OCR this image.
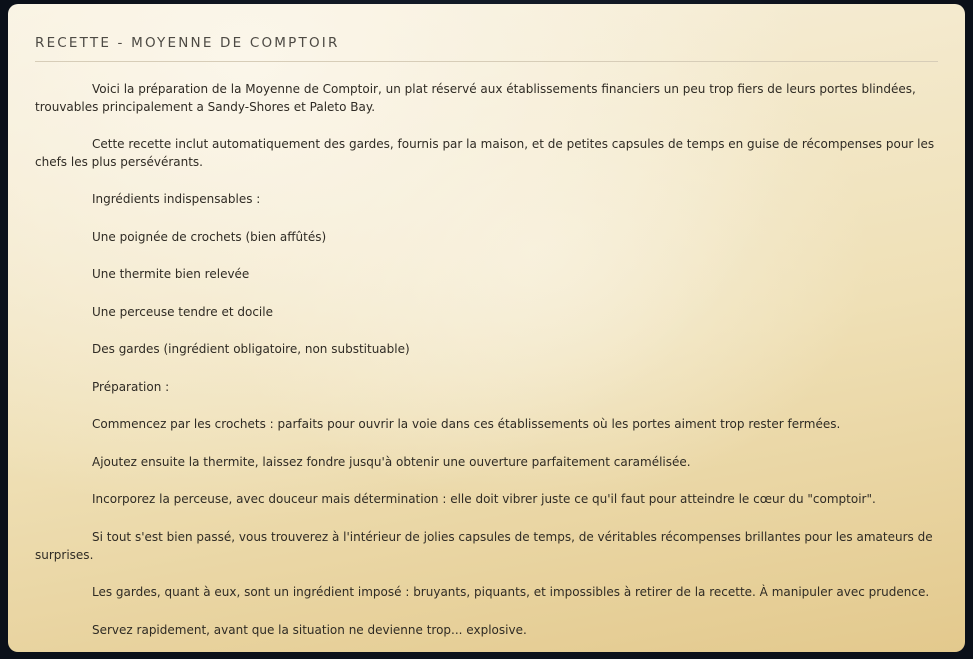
RECETTE - MOYENNE DE COMPTOIR

Voici la préparation de la Moyenne de Comptoir, un plat réservé aux établissements financiers un peu trop fiers de leurs portes blindées, trouvables principalement a Sandy-Shores et Paleto Bay.

Cette recette inclut automatiquement des gardes, fournis par la maison, et de petites capsules de temps en guise de récompenses pour les chefs les plus persévérants.

Ingrédients indispensables :

Une poignée de crochets (bien affûtés)

Une thermite bien relevée

Une perceuse tendre et docile

Des gardes (ingrédient obligatoire, non substituable)

Préparation :

Commencez par les crochets : parfaits pour ouvrir la voie dans ces établissements où les portes aiment trop rester fermées.

Ajoutez ensuite la thermite, laissez fondre jusqu'à obtenir une ouverture parfaitement caramélisée.

Incorporez la perceuse, avec douceur mais détermination : elle doit vibrer juste ce qu'il faut pour atteindre le cœur du "comptoir".

Si tout s'est bien passé, vous trouverez à l'intérieur de jolies capsules de temps, de véritables récompenses brillantes pour les amateurs de surprises.

Les gardes, quant à eux, sont un ingrédient imposé : bruyants, piquants, et impossibles à retirer de la recette. À manipuler avec prudence.

Servez rapidement, avant que la situation ne devienne trop... explosive.
